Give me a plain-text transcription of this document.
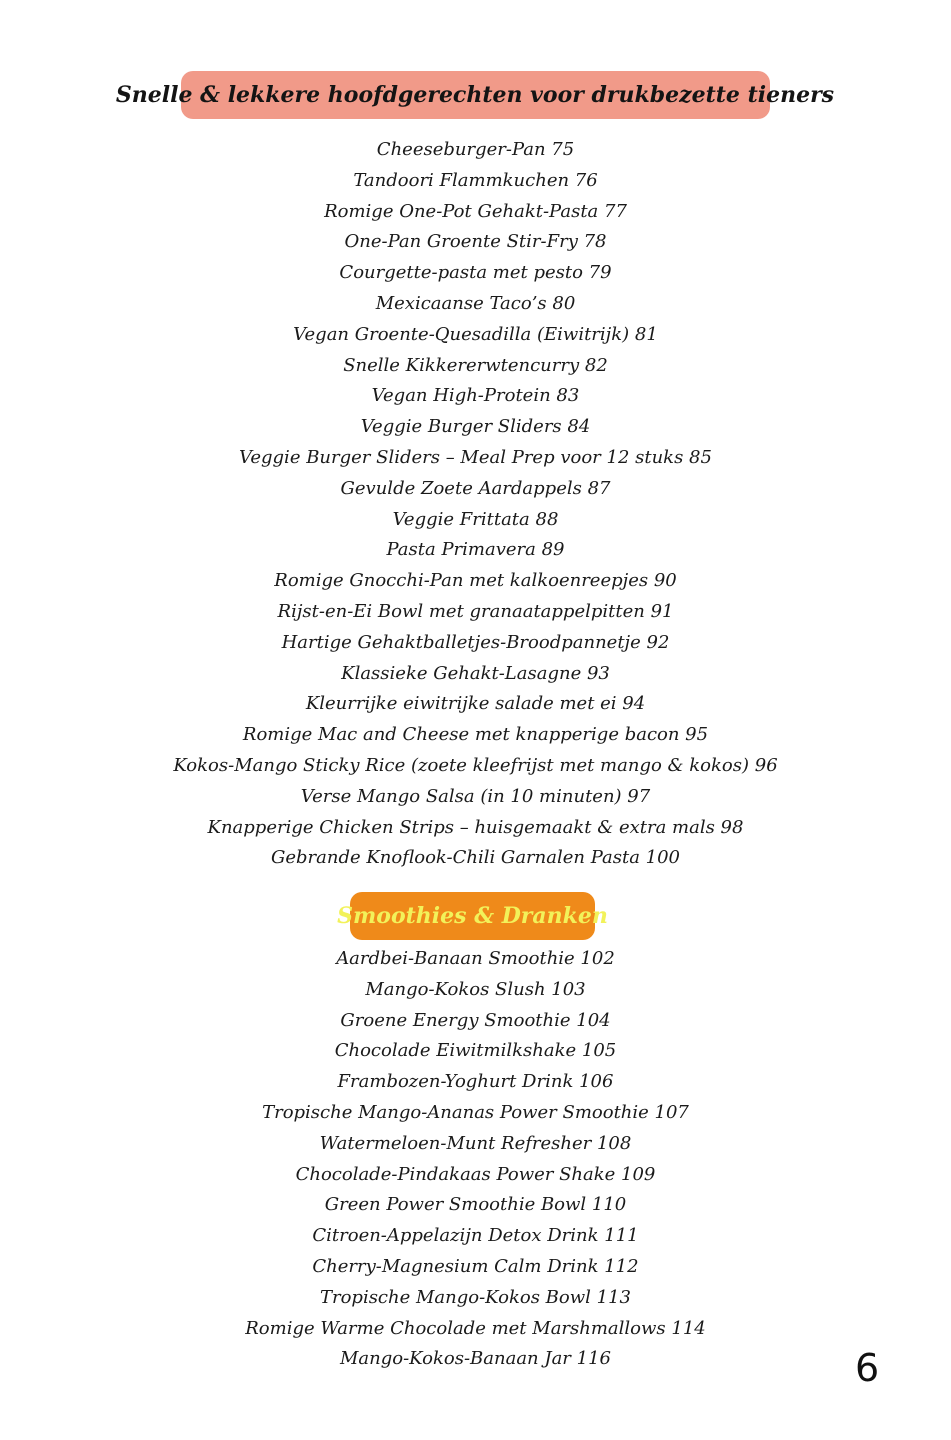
Snelle & lekkere hoofdgerechten voor drukbezette tieners
Cheeseburger-Pan 75
Tandoori Flammkuchen 76
Romige One-Pot Gehakt-Pasta 77
One-Pan Groente Stir-Fry 78
Courgette-pasta met pesto 79
Mexicaanse Taco’s 80
Vegan Groente-Quesadilla (Eiwitrijk) 81
Snelle Kikkererwtencurry 82
Vegan High-Protein 83
Veggie Burger Sliders 84
Veggie Burger Sliders – Meal Prep voor 12 stuks 85
Gevulde Zoete Aardappels 87
Veggie Frittata 88
Pasta Primavera 89
Romige Gnocchi-Pan met kalkoenreepjes 90
Rijst-en-Ei Bowl met granaatappelpitten 91
Hartige Gehaktballetjes-Broodpannetje 92
Klassieke Gehakt-Lasagne 93
Kleurrijke eiwitrijke salade met ei 94
Romige Mac and Cheese met knapperige bacon 95
Kokos-Mango Sticky Rice (zoete kleefrijst met mango & kokos) 96
Verse Mango Salsa (in 10 minuten) 97
Knapperige Chicken Strips – huisgemaakt & extra mals 98
Gebrande Knoflook-Chili Garnalen Pasta 100
Smoothies & Dranken
Aardbei-Banaan Smoothie 102
Mango-Kokos Slush 103
Groene Energy Smoothie 104
Chocolade Eiwitmilkshake 105
Frambozen-Yoghurt Drink 106
Tropische Mango-Ananas Power Smoothie 107
Watermeloen-Munt Refresher 108
Chocolade-Pindakaas Power Shake 109
Green Power Smoothie Bowl 110
Citroen-Appelazijn Detox Drink 111
Cherry-Magnesium Calm Drink 112
Tropische Mango-Kokos Bowl 113
Romige Warme Chocolade met Marshmallows 114
Mango-Kokos-Banaan Jar 116	6
